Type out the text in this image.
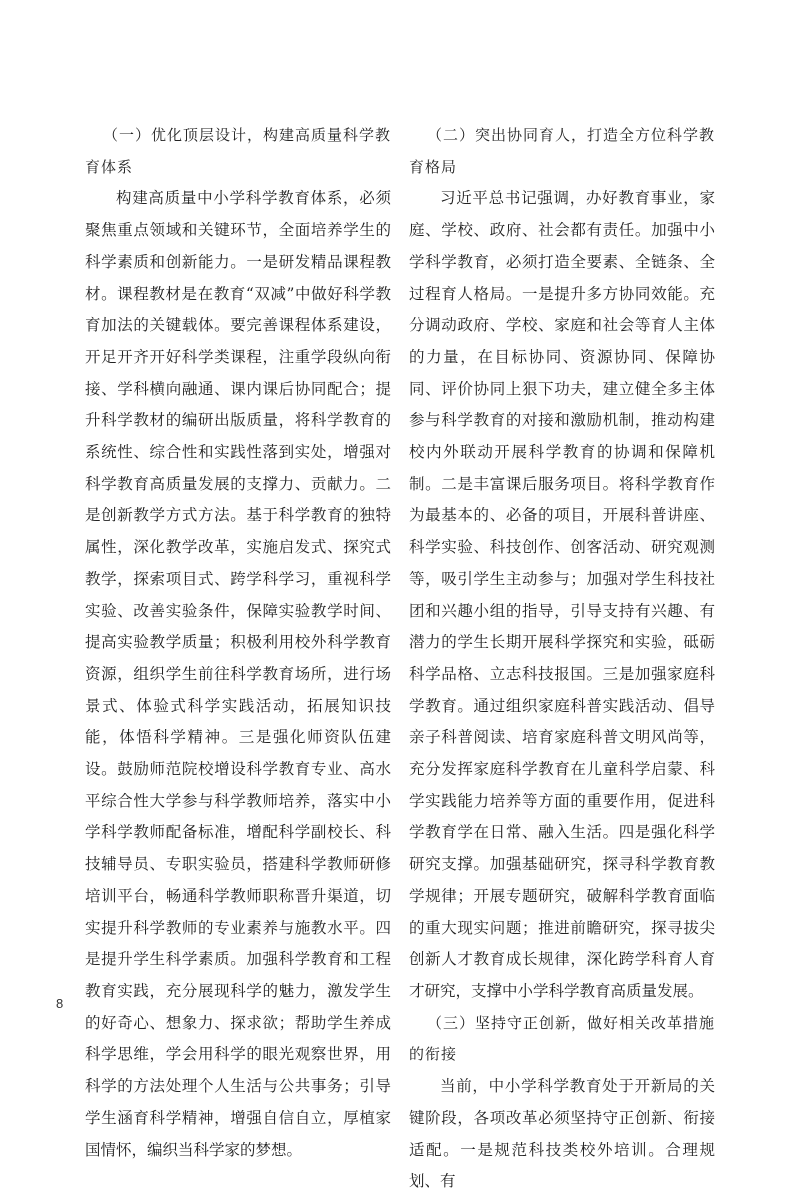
（一）优化顶层设计，构建高质量科学教育体系

构建高质量中小学科学教育体系，必须聚焦重点领域和关键环节，全面培养学生的科学素质和创新能力。一是研发精品课程教材。课程教材是在教育“双减”中做好科学教育加法的关键载体。要完善课程体系建设，开足开齐开好科学类课程，注重学段纵向衔接、学科横向融通、课内课后协同配合；提升科学教材的编研出版质量，将科学教育的系统性、综合性和实践性落到实处，增强对科学教育高质量发展的支撑力、贡献力。二是创新教学方式方法。基于科学教育的独特属性，深化教学改革，实施启发式、探究式教学，探索项目式、跨学科学习，重视科学实验、改善实验条件，保障实验教学时间、提高实验教学质量；积极利用校外科学教育资源，组织学生前往科学教育场所，进行场景式、体验式科学实践活动，拓展知识技能，体悟科学精神。三是强化师资队伍建设。鼓励师范院校增设科学教育专业、高水平综合性大学参与科学教师培养，落实中小学科学教师配备标准，增配科学副校长、科技辅导员、专职实验员，搭建科学教师研修培训平台，畅通科学教师职称晋升渠道，切实提升科学教师的专业素养与施教水平。四是提升学生科学素质。加强科学教育和工程教育实践，充分展现科学的魅力，激发学生的好奇心、想象力、探求欲；帮助学生养成科学思维，学会用科学的眼光观察世界，用科学的方法处理个人生活与公共事务；引导学生涵育科学精神，增强自信自立，厚植家国情怀，编织当科学家的梦想。

（二）突出协同育人，打造全方位科学教育格局

习近平总书记强调，办好教育事业，家庭、学校、政府、社会都有责任。加强中小学科学教育，必须打造全要素、全链条、全过程育人格局。一是提升多方协同效能。充分调动政府、学校、家庭和社会等育人主体的力量，在目标协同、资源协同、保障协同、评价协同上狠下功夫，建立健全多主体参与科学教育的对接和激励机制，推动构建校内外联动开展科学教育的协调和保障机制。二是丰富课后服务项目。将科学教育作为最基本的、必备的项目，开展科普讲座、科学实验、科技创作、创客活动、研究观测等，吸引学生主动参与；加强对学生科技社团和兴趣小组的指导，引导支持有兴趣、有潜力的学生长期开展科学探究和实验，砥砺科学品格、立志科技报国。三是加强家庭科学教育。通过组织家庭科普实践活动、倡导亲子科普阅读、培育家庭科普文明风尚等，充分发挥家庭科学教育在儿童科学启蒙、科学实践能力培养等方面的重要作用，促进科学教育学在日常、融入生活。四是强化科学研究支撑。加强基础研究，探寻科学教育教学规律；开展专题研究，破解科学教育面临的重大现实问题；推进前瞻研究，探寻拔尖创新人才教育成长规律，深化跨学科育人育才研究，支撑中小学科学教育高质量发展。

（三）坚持守正创新，做好相关改革措施的衔接

当前，中小学科学教育处于开新局的关键阶段，各项改革必须坚持守正创新、衔接适配。一是规范科技类校外培训。合理规划、有

8
